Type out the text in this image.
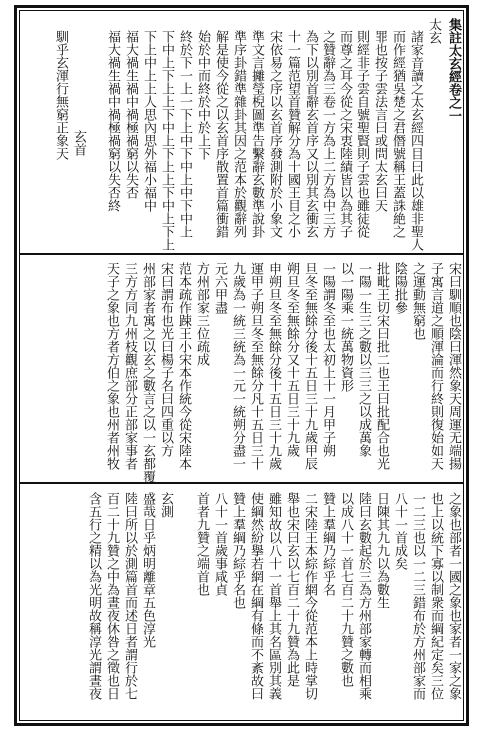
集註太玄經卷之一
太玄
諸家音讀之太玄經四目曰此以雄非聖人
而作經猶吳楚之君僭號稱王蓋誅絶之
罪也按子雲法言曰或問太玄曰天
則經非子雲自號聖賢則子雲也雖徒從
而尊之耳今從之宋衷陸績皆以為其子
之贊辭為三卷一方為上二方為中三方
為下以別首辭玄首序又以別其玄衝玄
十一篇范望首贊解分為十國王目之小
宋依易之序以玄首序發測附於小象文
準文言攡瑩棿圖準告繫辭玄數準說卦
準序卦錯準雜卦其因之范本於觀辭列
解是使今從之以玄首序散置首篇衝錯
始於中而終於中於上下
終於下一上一下上中下中上中下中上
下中上下上上下中上下上上下中上下上
下上中上上人思內思外福小福中
福大禍生禍中禍極禍窮以失否
福大禍生禍中禍極禍窮以失否終
玄首
馴乎玄渾行無窮正象天
宋曰馴順也陰曰渾然象天周運无端揚
子寓言道之順渾淪而行終則復始如天
之運動無窮也
陰陽批參
批毗王切宋曰批二也王曰批配合也光
一陽一生三之數以三三之以成萬象
以一陽乘一統萬物資形
一陽謂冬至也太初上十一月甲子朔
旦冬至無餘分後十五日三十九歲甲辰
朔旦冬至無餘分又十五日三十九歲
申朔旦冬至無餘分後十五日三十九歲
運甲子朔旦冬至無餘分凡十五日三十
九歲為一統三統為一元一統朔分盡一
元六甲盡
方州部家三位疏成
范本疏作踈王小宋本作統今從宋陸本
宋曰謂布也光曰楊子名曰四重以方
州部家者寓之以玄之數言之以一玄都覆
三方方同九州枝觀庶部分正部家事者
天子之象也方者方伯之象也州者州牧
之象也部者一國之象也家者一家之象
也上以統下寡以制衆而綱紀定矣三位
一二三也以一二三錯布於方州部家而
八十一首成矣
日陳其九九以為數生
陸曰玄數起於三為方州部家轉而相乘
以成八十一首七百二十九贊之數也
贊上羣綱乃綜乎名
二宋陸王本綜作網今從范本上時掌切
舉也宋曰玄以七百二十九贊為此是
雖知故以八十一首舉上其名區別其義
使綱然紛擧若網在綱有條而不紊故曰
贊上羣綱乃綜乎名也
八十一首歲事咸貞
首者九贊之端首也
玄測
盛哉日乎炳明離章五色淳光
陸曰所以於測篇首而述日者謂行於七
百二十九贊之中為晝夜休咎之徵也日
含五行之精以為光明故稱淳光謂晝夜
